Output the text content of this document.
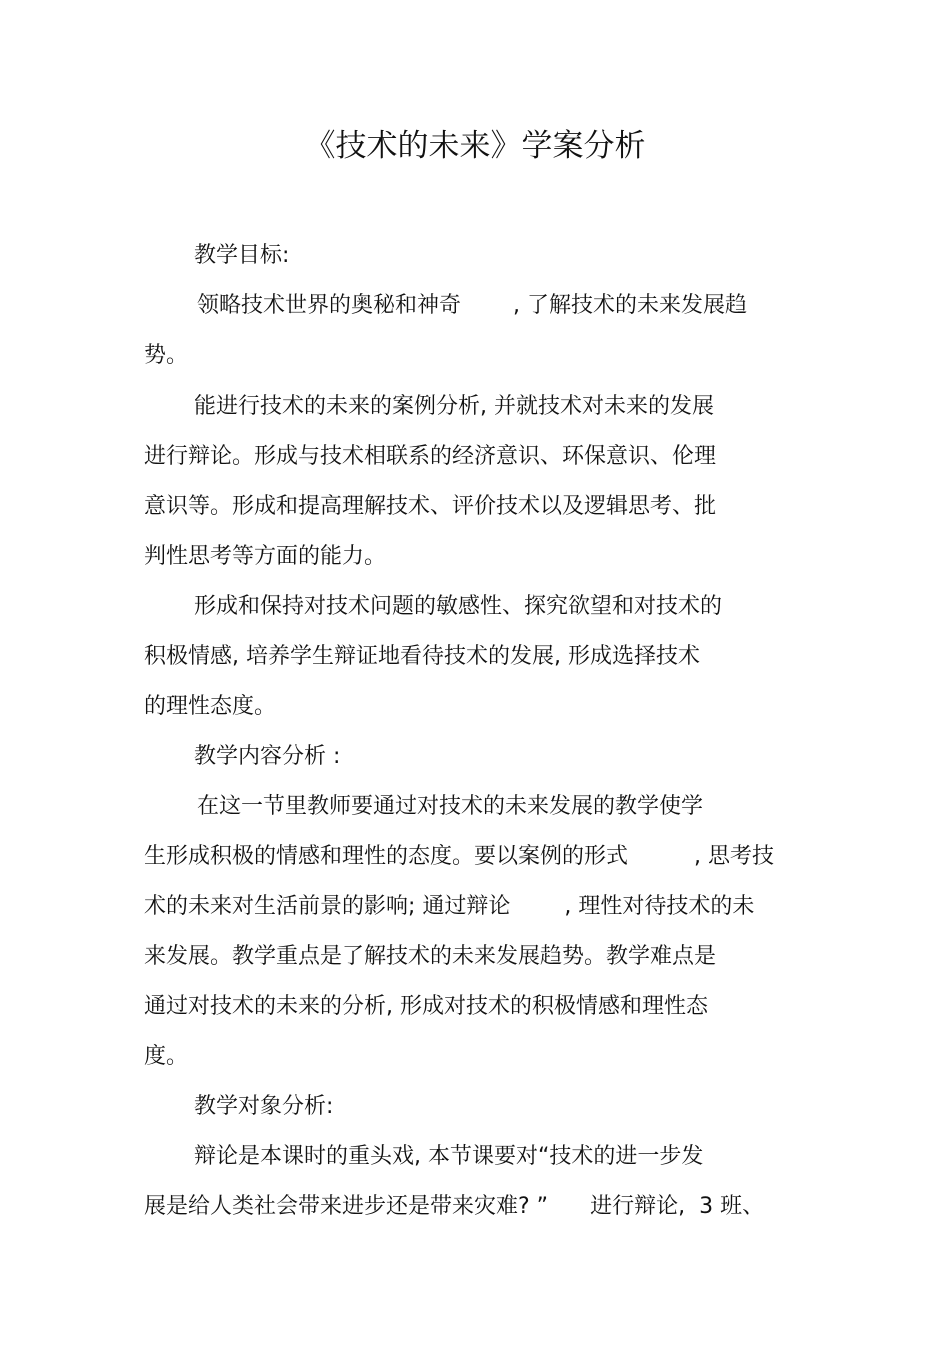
《技术的未来》学案分析
教学目标:
领略技术世界的奥秘和神奇 , 了解技术的未来发展趋
势。
能进行技术的未来的案例分析, 并就技术对未来的发展
进行辩论。形成与技术相联系的经济意识、环保意识、伦理
意识等。形成和提高理解技术、评价技术以及逻辑思考、批
判性思考等方面的能力。
形成和保持对技术问题的敏感性、探究欲望和对技术的
积极情感, 培养学生辩证地看待技术的发展, 形成选择技术
的理性态度。
教学内容分析 :
在这一节里教师要通过对技术的未来发展的教学使学
生形成积极的情感和理性的态度。要以案例的形式	, 思考技
术的未来对生活前景的影响; 通过辩论 , 理性对待技术的未
来发展。教学重点是了解技术的未来发展趋势。教学难点是
通过对技术的未来的分析, 形成对技术的积极情感和理性态
度。
教学对象分析:
辩论是本课时的重头戏, 本节课要对“技术的进一步发
展是给人类社会带来进步还是带来灾难? ” 进行辩论, 3 班、
